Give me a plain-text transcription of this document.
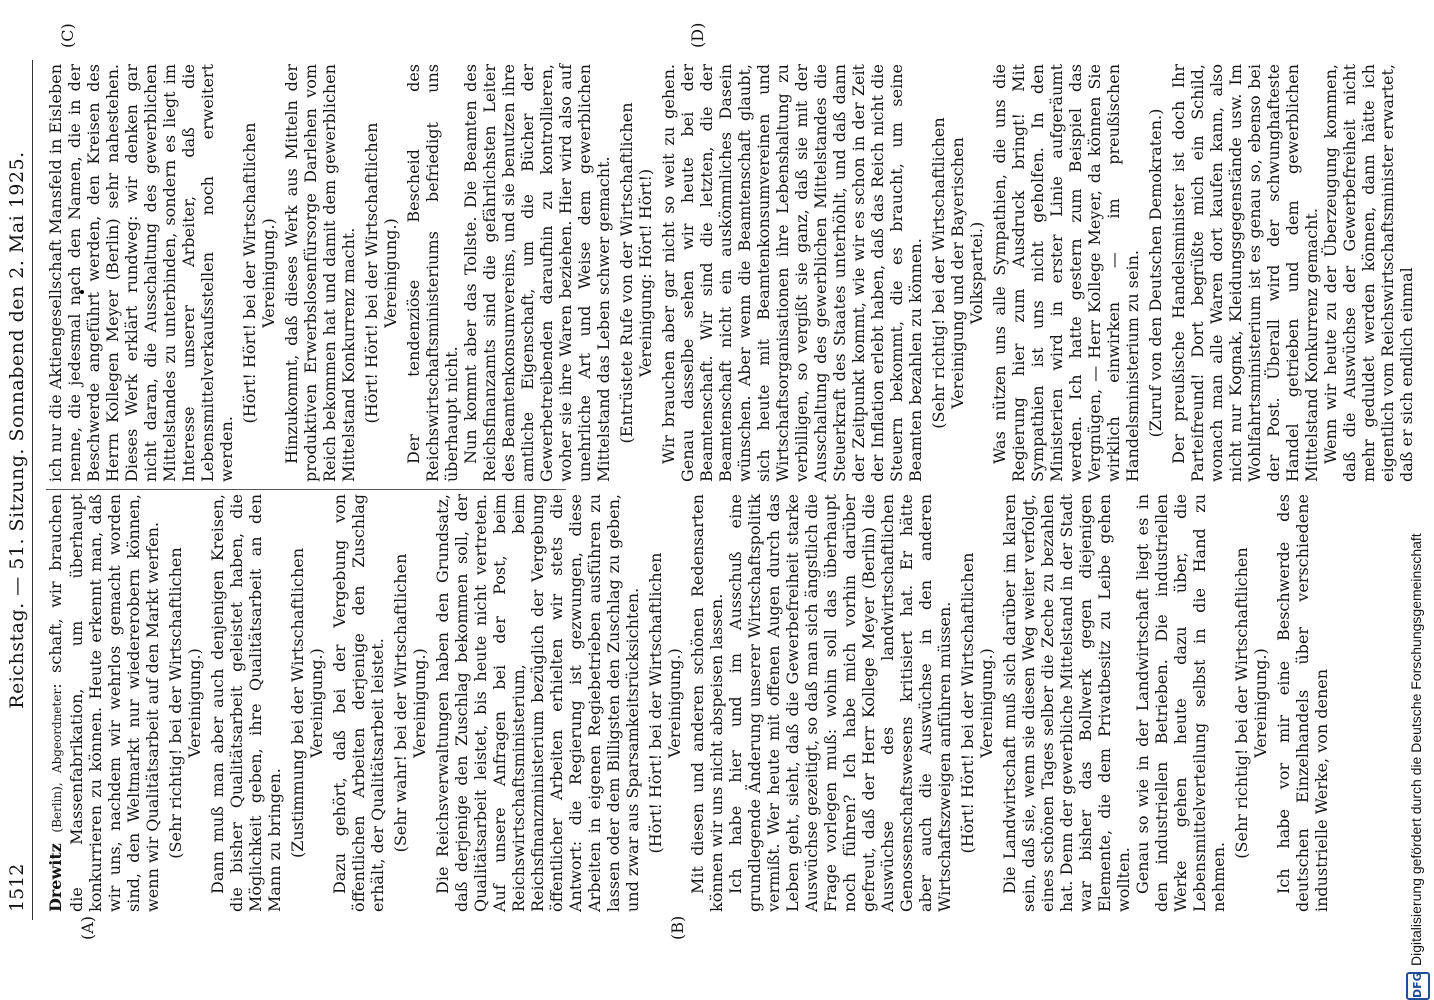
1512
Reichstag. — 51. Sitzung. Sonnabend den 2. Mai 1925.
(A)
(C)
(B)
(D)

Drewitz (Berlin), Abgeordneter: schaft, wir brauchen die Massenfabrikation, um überhaupt konkurrieren zu können. Heute erkennt man, daß wir uns, nachdem wir wehrlos gemacht worden sind, den Weltmarkt nur wiedererobern können, wenn wir Qualitätsarbeit auf den Markt werfen. (Sehr richtig! bei der Wirtschaftlichen Vereinigung.) Dann muß man aber auch denjenigen Kreisen, die bisher Qualitätsarbeit geleistet haben, die Möglichkeit geben, ihre Qualitätsarbeit an den Mann zu bringen. (Zustimmung bei der Wirtschaftlichen Vereinigung.) Dazu gehört, daß bei der Vergebung von öffentlichen Arbeiten derjenige den Zuschlag erhält, der Qualitätsarbeit leistet. (Sehr wahr! bei der Wirtschaftlichen Vereinigung.) Die Reichsverwaltungen haben den Grundsatz, daß derjenige den Zuschlag bekommen soll, der Qualitätsarbeit leistet, bis heute nicht vertreten. Auf unsere Anfragen bei der Post, beim Reichswirtschaftsministerium, beim Reichsfinanzministerium bezüglich der Vergebung öffentlicher Arbeiten erhielten wir stets die Antwort: die Regierung ist gezwungen, diese Arbeiten in eigenen Regiebetrieben ausführen zu lassen oder dem Billigsten den Zuschlag zu geben, und zwar aus Sparsamkeitsrücksichten. (Hört! Hört! bei der Wirtschaftlichen Vereinigung.) Mit diesen und anderen schönen Redensarten können wir uns nicht abspeisen lassen. Ich habe hier und im Ausschuß eine grundlegende Änderung unserer Wirtschaftspolitik vermißt. Wer heute mit offenen Augen durch das Leben geht, sieht, daß die Gewerbefreiheit starke Auswüchse gezeitigt, so daß man sich ängstlich die Frage vorlegen muß: wohin soll das überhaupt noch führen? Ich habe mich vorhin darüber gefreut, daß der Herr Kollege Meyer (Berlin) die Auswüchse des landwirtschaftlichen Genossenschaftswesens kritisiert hat. Er hätte aber auch die Auswüchse in den anderen Wirtschaftszweigen anführen müssen. (Hört! Hört! bei der Wirtschaftlichen Vereinigung.) Die Landwirtschaft muß sich darüber im klaren sein, daß sie, wenn sie diesen Weg weiter verfolgt, eines schönen Tages selber die Zeche zu bezahlen hat. Denn der gewerbliche Mittelstand in der Stadt war bisher das Bollwerk gegen diejenigen Elemente, die dem Privatbesitz zu Leibe gehen wollten. Genau so wie in der Landwirtschaft liegt es in den industriellen Betrieben. Die industriellen Werke gehen heute dazu über, die Lebensmittelverteilung selbst in die Hand zu nehmen.

(Sehr richtig! bei der Wirtschaftlichen Vereinigung.) Ich habe vor mir eine Beschwerde des deutschen Einzelhandels über verschiedene industrielle Werke, von denen

ich nur die Aktiengesellschaft Mansfeld in Eisleben nenne, die jedesmal nach den Namen, die in der Beschwerde angeführt werden, den Kreisen des Herrn Kollegen Meyer (Berlin) sehr nahestehen. Dieses Werk erklärt rundweg: wir denken gar nicht daran, die Ausschaltung des gewerblichen Mittelstandes zu unterbinden, sondern es liegt im Interesse unserer Arbeiter, daß die Lebensmittelverkaufsstellen noch erweitert werden.

(Hört! Hört! bei der Wirtschaftlichen Vereinigung.) Hinzukommt, daß dieses Werk aus Mitteln der produktiven Erwerbslosenfürsorge Darlehen vom Reich bekommen hat und damit dem gewerblichen Mittelstand Konkurrenz macht. (Hört! Hört! bei der Wirtschaftlichen Vereinigung.) Der tendenziöse Bescheid des Reichswirtschaftsministeriums befriedigt uns überhaupt nicht. Nun kommt aber das Tollste. Die Beamten des Reichsfinanzamts sind die gefährlichsten Leiter des Beamtenkonsumvereins, und sie benutzen ihre amtliche Eigenschaft, um die Bücher der Gewerbetreibenden daraufhin zu kontrollieren, woher sie ihre Waren beziehen. Hier wird also auf unehrliche Art und Weise dem gewerblichen Mittelstand das Leben schwer gemacht. (Entrüstete Rufe von der Wirtschaftlichen Vereinigung: Hört! Hört!) Wir brauchen aber gar nicht so weit zu gehen. Genau dasselbe sehen wir heute bei der Beamtenschaft. Wir sind die letzten, die der Beamtenschaft nicht ein auskömmliches Dasein wünschen. Aber wenn die Beamtenschaft glaubt, sich heute mit Beamtenkonsumvereinen und Wirtschaftsorganisationen ihre Lebenshaltung zu verbilligen, so vergißt sie ganz, daß sie mit der Ausschaltung des gewerblichen Mittelstandes die Steuerkraft des Staates unterhöhlt, und daß dann der Zeitpunkt kommt, wie wir es schon in der Zeit der Inflation erlebt haben, daß das Reich nicht die Steuern bekommt, die es braucht, um seine Beamten bezahlen zu können. (Sehr richtig! bei der Wirtschaftlichen Vereinigung und der Bayerischen Volkspartei.) Was nützen uns alle Sympathien, die uns die Regierung hier zum Ausdruck bringt! Mit Sympathien ist uns nicht geholfen. In den Ministerien wird in erster Linie aufgeräumt werden. Ich hatte gestern zum Beispiel das Vergnügen, — Herr Kollege Meyer, da können Sie wirklich einwirken — im preußischen Handelsministerium zu sein. (Zuruf von den Deutschen Demokraten.) Der preußische Handelsminister ist doch Ihr Parteifreund! Dort begrüßte mich ein Schild, wonach man alle Waren dort kaufen kann, also nicht nur Kognak, Kleidungsgegenstände usw. Im Wohlfahrtsministerium ist es genau so, ebenso bei der Post. Überall wird der schwunghafteste Handel getrieben und dem gewerblichen Mittelstand Konkurrenz gemacht. Wenn wir heute zu der Überzeugung kommen, daß die Auswüchse der Gewerbefreiheit nicht mehr geduldet werden können, dann hätte ich eigentlich vom Reichswirtschaftsminister erwartet, daß er sich endlich einmal

DFG
Digitalisierung gefördert durch die Deutsche Forschungsgemeinschaft
